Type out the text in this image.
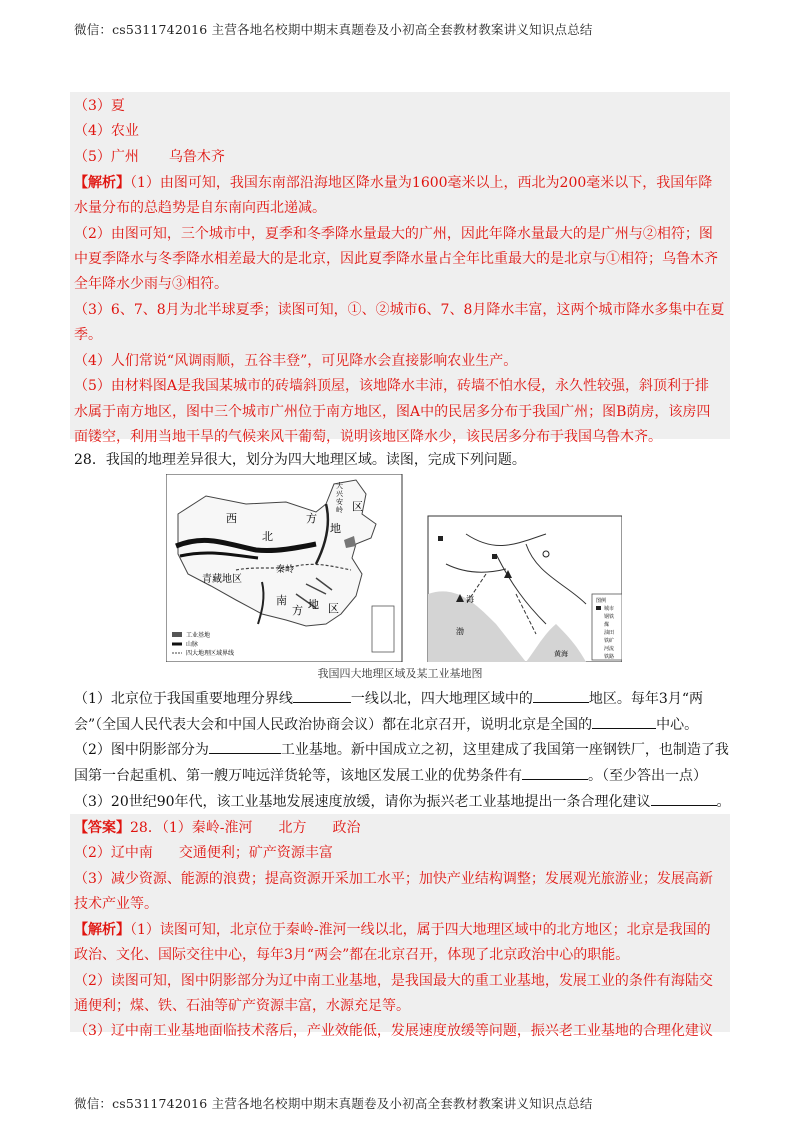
微信：cs5311742016 主营各地名校期中期末真题卷及小初高全套教材教案讲义知识点总结
（3）夏
（4）农业
（5）广州 乌鲁木齐
【解析】（1）由图可知，我国东南部沿海地区降水量为1600毫米以上，西北为200毫米以下，我国年降
水量分布的总趋势是自东南向西北递减。
（2）由图可知，三个城市中，夏季和冬季降水量最大的广州，因此年降水量最大的是广州与②相符；图
中夏季降水与冬季降水相差最大的是北京，因此夏季降水量占全年比重最大的是北京与①相符；乌鲁木齐
全年降水少雨与③相符。
（3）6、7、8月为北半球夏季；读图可知，①、②城市6、7、8月降水丰富，这两个城市降水多集中在夏
季。
（4）人们常说“风调雨顺，五谷丰登”，可见降水会直接影响农业生产。
（5）由材料图A是我国某城市的砖墙斜顶屋，该地降水丰沛，砖墙不怕水侵，永久性较强，斜顶利于排
水属于南方地区，图中三个城市广州位于南方地区，图A中的民居多分布于我国广州；图B荫房，该房四
面镂空，利用当地干旱的气候来风干葡萄，说明该地区降水少，该民居多分布于我国乌鲁木齐。
28．我国的地理差异很大，划分为四大地理区域。读图，完成下列问题。
西
北
方
地
区
青藏地区
秦岭
南
方 地 区
大
兴
安
岭
工业基地
山脉
四大地理区域界线
海
渤
黄海
图例
城市
钢铁
煤
油田
铁矿
河流
铁路
我国四大地理区域及某工业基地图
（1）北京位于我国重要地理分界线	一线以北，四大地理区域中的	地区。每年3月“两
会”（全国人民代表大会和中国人民政治协商会议）都在北京召开，说明北京是全国的	中心。
（2）图中阴影部分为	工业基地。新中国成立之初，这里建成了我国第一座钢铁厂，也制造了我
国第一台起重机、第一艘万吨远洋货轮等，该地区发展工业的优势条件有	。（至少答出一点）
（3）20世纪90年代，该工业基地发展速度放缓，请你为振兴老工业基地提出一条合理化建议	。
【答案】28．（1）秦岭-淮河 北方 政治
（2）辽中南 交通便利；矿产资源丰富
（3）减少资源、能源的浪费；提高资源开采加工水平；加快产业结构调整；发展观光旅游业；发展高新
技术产业等。
【解析】（1）读图可知，北京位于秦岭-淮河一线以北，属于四大地理区域中的北方地区；北京是我国的
政治、文化、国际交往中心，每年3月“两会”都在北京召开，体现了北京政治中心的职能。
（2）读图可知，图中阴影部分为辽中南工业基地，是我国最大的重工业基地，发展工业的条件有海陆交
通便利；煤、铁、石油等矿产资源丰富，水源充足等。
（3）辽中南工业基地面临技术落后，产业效能低，发展速度放缓等问题，振兴老工业基地的合理化建议
微信：cs5311742016 主营各地名校期中期末真题卷及小初高全套教材教案讲义知识点总结
